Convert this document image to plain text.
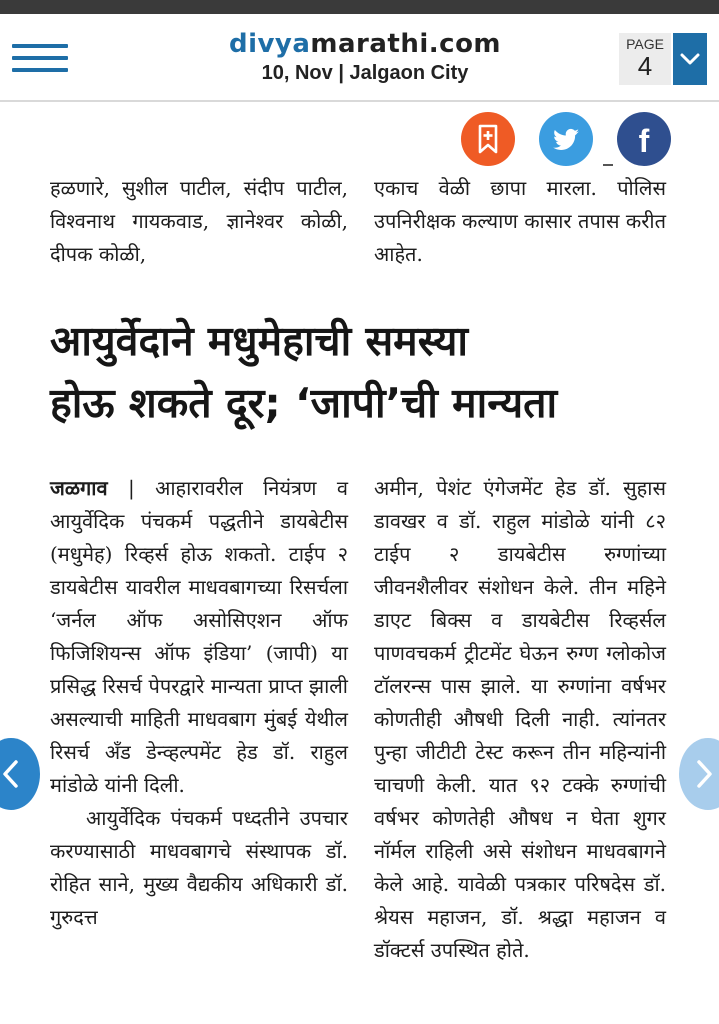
divyamarathi.com
10, Nov | Jalgaon City
PAGE
4
f
हळणारे, सुशील पाटील, संदीप पाटील, विश्वनाथ गायकवाड, ज्ञानेश्वर कोळी, दीपक कोळी,
एकाच वेळी छापा मारला. पोलिस उपनिरीक्षक कल्याण कासार तपास करीत आहेत.
आयुर्वेदाने मधुमेहाची समस्या
होऊ शकते दूर; ‘जापी’ची मान्यता
जळगाव | आहारावरील नियंत्रण व आयुर्वेदिक पंचकर्म पद्धतीने डायबेटीस (मधुमेह) रिव्हर्स होऊ शकतो. टाईप २ डायबेटीस यावरील माधवबागच्या रिसर्चला ‘जर्नल ऑफ असोसिएशन ऑफ फिजिशियन्स ऑफ इंडिया’ (जापी) या प्रसिद्ध रिसर्च पेपरद्वारे मान्यता प्राप्त झाली असल्याची माहिती माधवबाग मुंबई येथील रिसर्च अँड डेन्व्हल्पमेंट हेड डॉ. राहुल मांडोळे यांनी दिली.
आयुर्वेदिक पंचकर्म पध्दतीने उपचार करण्यासाठी माधवबागचे संस्थापक डॉ. रोहित साने, मुख्य वैद्यकीय अधिकारी डॉ. गुरुदत्त
अमीन, पेशंट एंगेजमेंट हेड डॉ. सुहास डावखर व डॉ. राहुल मांडोळे यांनी ८२ टाईप २ डायबेटीस रुग्णांच्या जीवनशैलीवर संशोधन केले. तीन महिने डाएट बिक्स व डायबेटीस रिव्हर्सल पाणवचकर्म ट्रीटमेंट घेऊन रुग्ण ग्लोकोज टॉलरन्स पास झाले. या रुग्णांना वर्षभर कोणतीही औषधी दिली नाही. त्यांनतर पुन्हा जीटीटी टेस्ट करून तीन महिन्यांनी चाचणी केली. यात ९२ टक्के रुग्णांची वर्षभर कोणतेही औषध न घेता शुगर नॉर्मल राहिली असे संशोधन माधवबागने केले आहे. यावेळी पत्रकार परिषदेस डॉ. श्रेयस महाजन, डॉ. श्रद्धा महाजन व डॉक्टर्स उपस्थित होते.
